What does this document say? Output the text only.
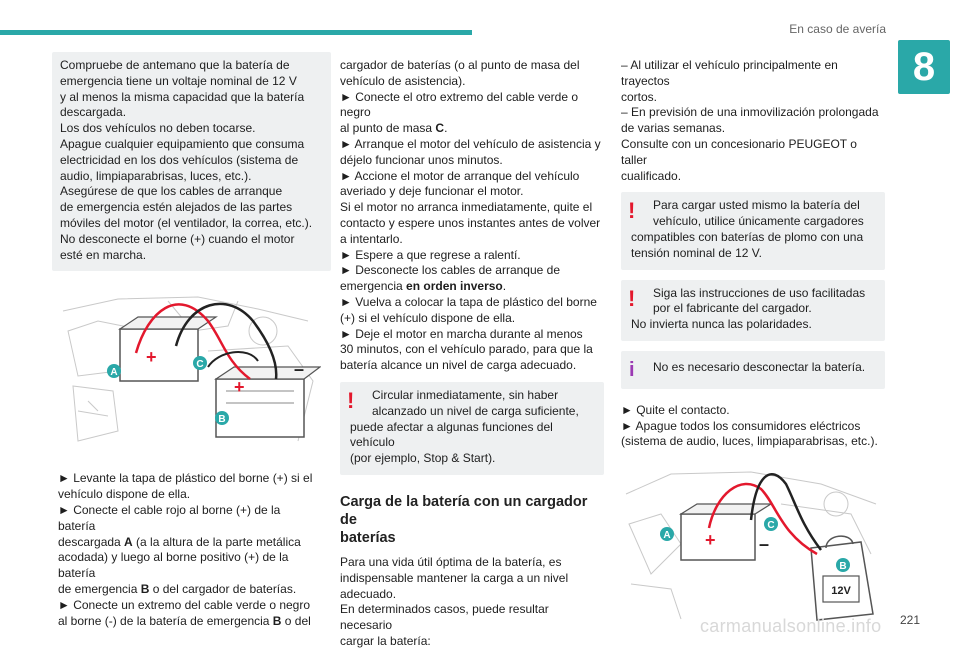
En caso de avería
8

Compruebe de antemano que la batería de

emergencia tiene un voltaje nominal de 12 V

y al menos la misma capacidad que la batería

descargada.

Los dos vehículos no deben tocarse.

Apague cualquier equipamiento que consuma

electricidad en los dos vehículos (sistema de

audio, limpiaparabrisas, luces, etc.).

Asegúrese de que los cables de arranque

de emergencia estén alejados de las partes

móviles del motor (el ventilador, la correa, etc.).

No desconecte el borne (+) cuando el motor

esté en marcha.

A
C
B
+
+
–

► Levante la tapa de plástico del borne (+) si el

vehículo dispone de ella.

► Conecte el cable rojo al borne (+) de la batería

descargada A (a la altura de la parte metálica

acodada) y luego al borne positivo (+) de la batería

de emergencia B o del cargador de baterías.

► Conecte un extremo del cable verde o negro

al borne (-) de la batería de emergencia B o del

cargador de baterías (o al punto de masa del

vehículo de asistencia).

► Conecte el otro extremo del cable verde o negro

al punto de masa C.

► Arranque el motor del vehículo de asistencia y

déjelo funcionar unos minutos.

► Accione el motor de arranque del vehículo

averiado y deje funcionar el motor.

Si el motor no arranca inmediatamente, quite el

contacto y espere unos instantes antes de volver

a intentarlo.

► Espere a que regrese a ralentí.

► Desconecte los cables de arranque de

emergencia en orden inverso.

► Vuelva a colocar la tapa de plástico del borne

(+) si el vehículo dispone de ella.

► Deje el motor en marcha durante al menos

30 minutos, con el vehículo parado, para que la

batería alcance un nivel de carga adecuado.

!	Circular inmediatamente, sin haber

alcanzado un nivel de carga suficiente,

puede afectar a algunas funciones del vehículo

(por ejemplo, Stop & Start).

Carga de la batería con un cargador de
baterías

Para una vida útil óptima de la batería, es

indispensable mantener la carga a un nivel

adecuado.

En determinados casos, puede resultar necesario

cargar la batería:

– Al utilizar el vehículo principalmente en trayectos

cortos.

– En previsión de una inmovilización prolongada

de varias semanas.

Consulte con un concesionario PEUGEOT o taller

cualificado.

!	Para cargar usted mismo la batería del

vehículo, utilice únicamente cargadores

compatibles con baterías de plomo con una

tensión nominal de 12 V.

!	Siga las instrucciones de uso facilitadas

por el fabricante del cargador.

No invierta nunca las polaridades.

i	No es necesario desconectar la batería.

► Quite el contacto.

► Apague todos los consumidores eléctricos

(sistema de audio, luces, limpiaparabrisas, etc.).

12V
A
C
B
+ –
carmanualsonline.info 221
